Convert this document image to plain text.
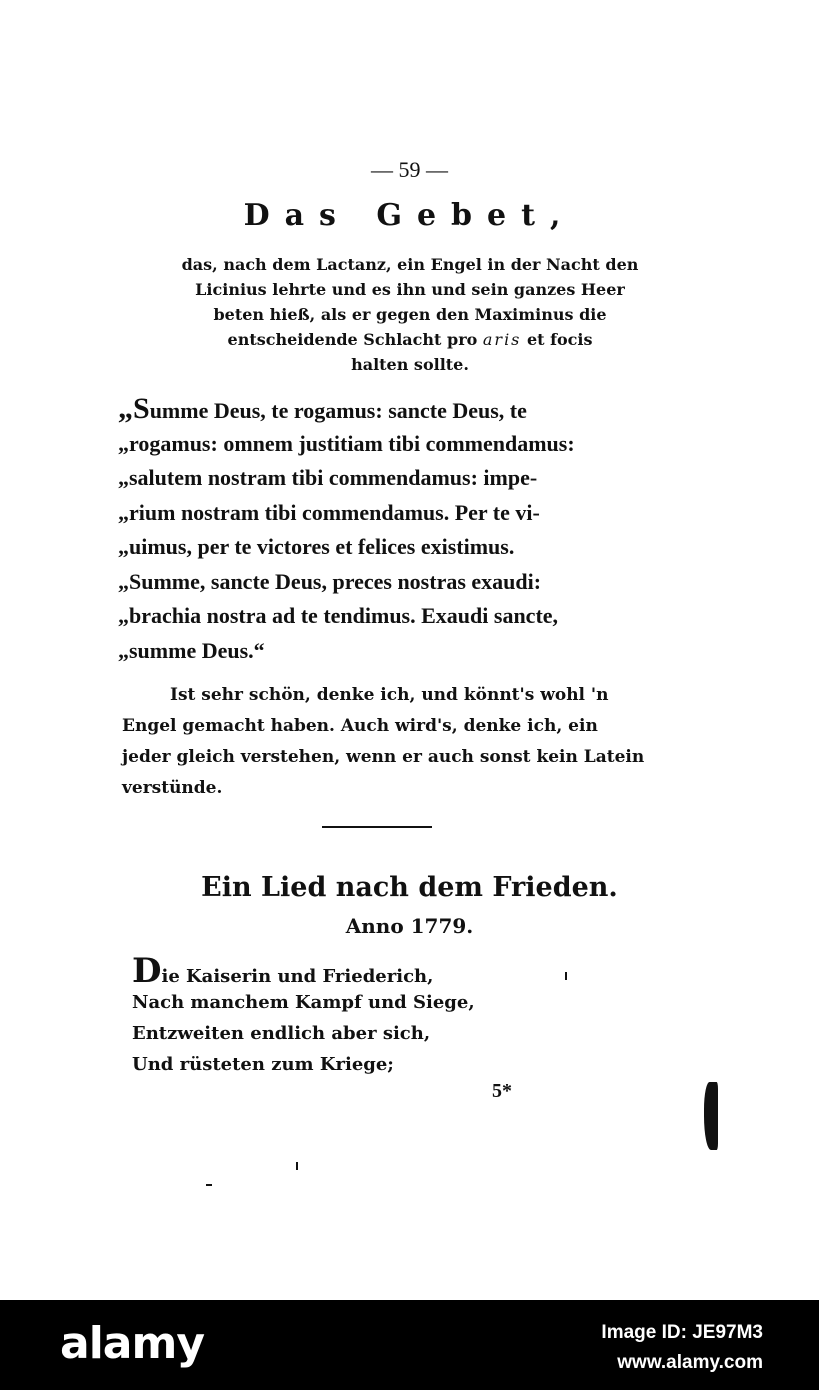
— 59 —
Das Gebet,
das, nach dem Lactanz, ein Engel in der Nacht den
Licinius lehrte und es ihn und sein ganzes Heer
beten hieß, als er gegen den Maximinus die
entscheidende Schlacht pro aris et focis
halten sollte.
„Summe Deus, te rogamus: sancte Deus, te
„rogamus: omnem justitiam tibi commendamus:
„salutem nostram tibi commendamus: impe-
„rium nostram tibi commendamus. Per te vi-
„uimus, per te victores et felices existimus.
„Summe, sancte Deus, preces nostras exaudi:
„brachia nostra ad te tendimus. Exaudi sancte,
„summe Deus.“
Ist sehr schön, denke ich, und könnt's wohl 'n
Engel gemacht haben. Auch wird's, denke ich, ein
jeder gleich verstehen, wenn er auch sonst kein Latein
verstünde.
Ein Lied nach dem Frieden.
Anno 1779.
Die Kaiserin und Friederich,
Nach manchem Kampf und Siege,
Entzweiten endlich aber sich,
Und rüsteten zum Kriege;
5*
alamy	Image ID: JE97M3
www.alamy.com
